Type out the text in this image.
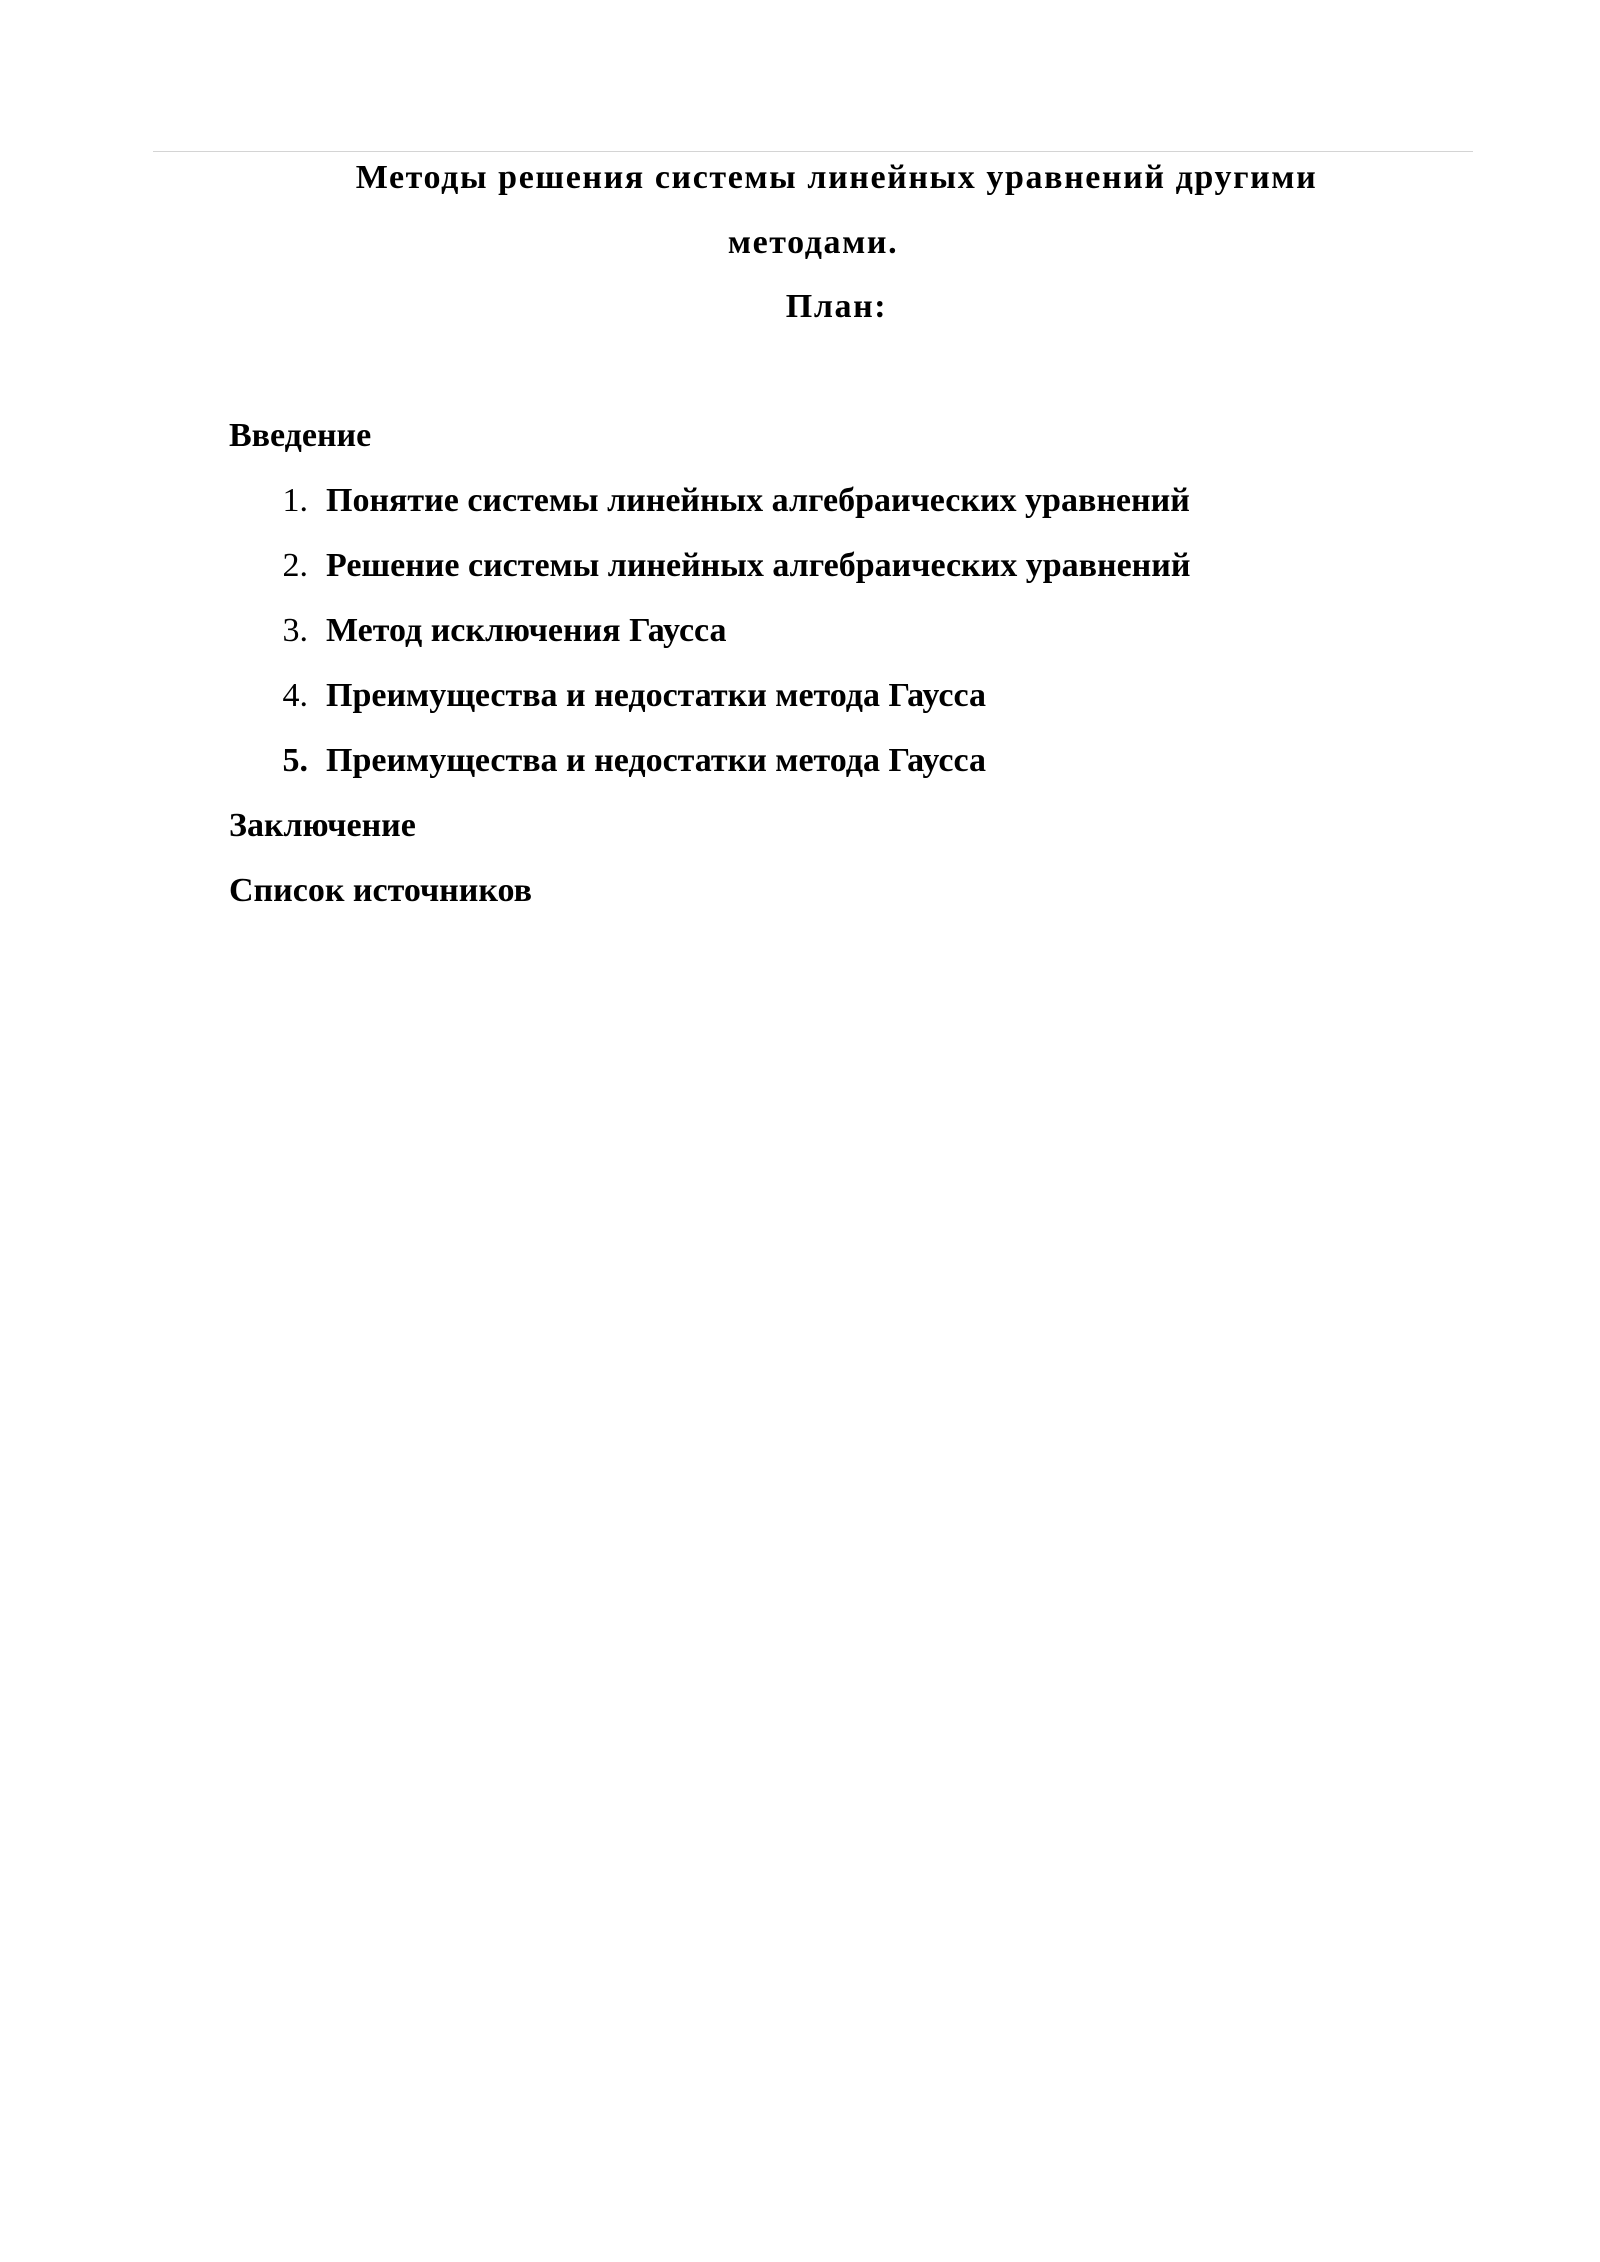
Методы решения системы линейных уравнений другими
методами.
План:
Введение
1. Понятие системы линейных алгебраических уравнений
2. Решение системы линейных алгебраических уравнений
3. Метод исключения Гаусса
4. Преимущества и недостатки метода Гаусса
5. Преимущества и недостатки метода Гаусса
Заключение
Список источников
